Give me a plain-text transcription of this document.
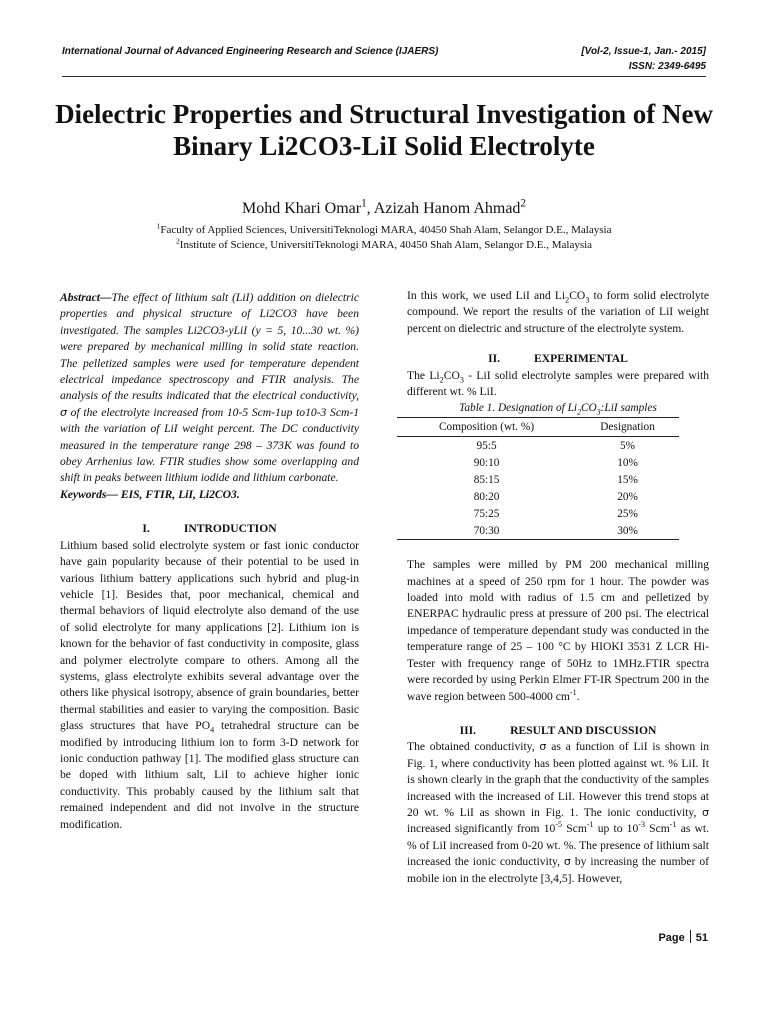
International Journal of Advanced Engineering Research and Science (IJAERS)	[Vol-2, Issue-1, Jan.- 2015]
ISSN: 2349-6495
Dielectric Properties and Structural Investigation of New Binary Li2CO3-LiI Solid Electrolyte
Mohd Khari Omar$^1$, Azizah Hanom Ahmad$^2$
$^1$Faculty of Applied Sciences, UniversitiTeknologi MARA, 40450 Shah Alam, Selangor D.E., Malaysia
$^2$Institute of Science, UniversitiTeknologi MARA, 40450 Shah Alam, Selangor D.E., Malaysia

Abstract—The effect of lithium salt (LiI) addition on dielectric properties and physical structure of Li2CO3 have been investigated. The samples Li2CO3-yLiI (y = 5, 10...30 wt. %) were prepared by mechanical milling in solid state reaction. The pelletized samples were used for temperature dependent electrical impedance spectroscopy and FTIR analysis. The analysis of the results indicated that the electrical conductivity, σ of the electrolyte increased from 10-5 Scm-1up to10-3 Scm-1 with the variation of LiI weight percent. The DC conductivity measured in the temperature range 298 – 373K was found to obey Arrhenius law. FTIR studies show some overlapping and shift in peaks between lithium iodide and lithium carbonate.

Keywords— EIS, FTIR, LiI, Li2CO3.

I.	INTRODUCTION

Lithium based solid electrolyte system or fast ionic conductor have gain popularity because of their potential to be used in various lithium battery applications such hybrid and plug-in vehicle [1]. Besides that, poor mechanical, chemical and thermal behaviors of liquid electrolyte also demand of the use of solid electrolyte for many applications [2]. Lithium ion is known for the behavior of fast conductivity in composite, glass and polymer electrolyte compare to others. Among all the systems, glass electrolyte exhibits several advantage over the others like physical isotropy, absence of grain boundaries, better thermal stabilities and easier to varying the composition. Basic glass structures that have $PO_4$ tetrahedral structure can be modified by introducing lithium ion to form 3-D network for ionic conduction pathway [1]. The modified glass structure can be doped with lithium salt, LiI to achieve higher ionic conductivity. This probably caused by the lithium salt that remained independent and did not involve in the structure modification.

In this work, we used LiI and $Li_2CO_3$ to form solid electrolyte compound. We report the results of the variation of LiI weight percent on dielectric and structure of the electrolyte system.

II.	EXPERIMENTAL

The $Li_2CO_3$ - LiI solid electrolyte samples were prepared with different wt. % LiI.

Table 1. Designation of $Li_2CO_3:LiI$ samples

Composition (wt. %)	Designation
95:5	5%
90:10	10%
85:15	15%
80:20	20%
75:25	25%
70:30	30%

The samples were milled by PM 200 mechanical milling machines at a speed of 250 rpm for 1 hour. The powder was loaded into mold with radius of 1.5 cm and pelletized by ENERPAC hydraulic press at pressure of 200 psi. The electrical impedance of temperature dependant study was conducted in the temperature range of 25 – 100 °C by HIOKI 3531 Z LCR Hi-Tester with frequency range of 50Hz to 1MHz.FTIR spectra were recorded by using Perkin Elmer FT-IR Spectrum 200 in the wave region between 500-4000 $cm^{-1}$.

III.	RESULT AND DISCUSSION

The obtained conductivity, σ as a function of LiI is shown in Fig. 1, where conductivity has been plotted against wt. % LiI. It is shown clearly in the graph that the conductivity of the samples increased with the increased of LiI. However this trend stops at 20 wt. % LiI as shown in Fig. 1. The ionic conductivity, σ increased significantly from $10^{-5}$ Scm$^{-1}$ up to $10^{-3}$ Scm$^{-1}$ as wt. % of LiI increased from 0-20 wt. %. The presence of lithium salt increased the ionic conductivity, σ by increasing the number of mobile ion in the electrolyte [3,4,5]. However,

Page 51
